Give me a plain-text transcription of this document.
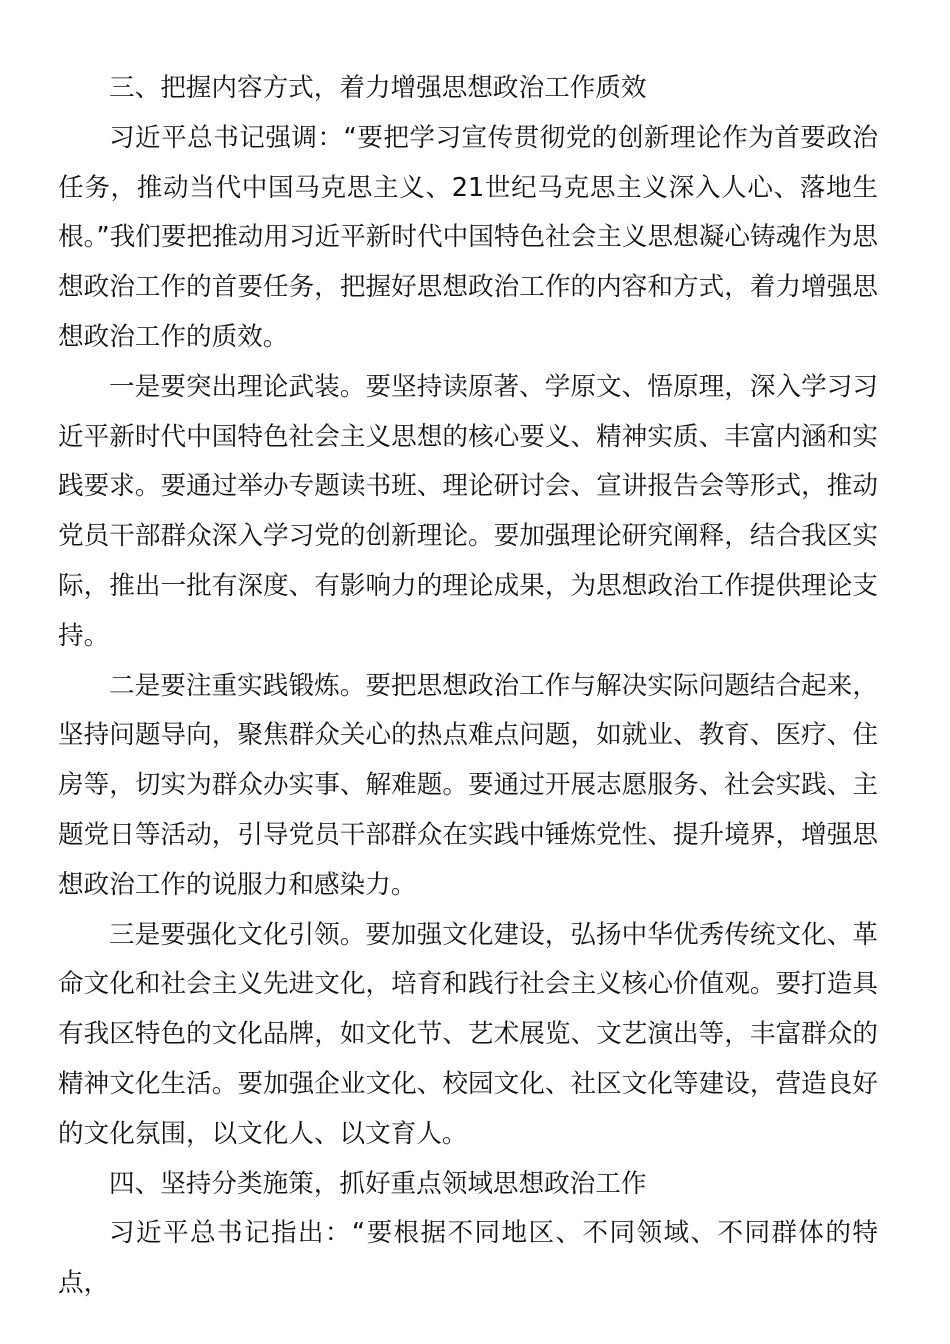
三、把握内容方式，着力增强思想政治工作质效

习近平总书记强调：“要把学习宣传贯彻党的创新理论作为首要政治任务，推动当代中国马克思主义、21世纪马克思主义深入人心、落地生根。”我们要把推动用习近平新时代中国特色社会主义思想凝心铸魂作为思想政治工作的首要任务，把握好思想政治工作的内容和方式，着力增强思想政治工作的质效。

一是要突出理论武装。要坚持读原著、学原文、悟原理，深入学习习近平新时代中国特色社会主义思想的核心要义、精神实质、丰富内涵和实践要求。要通过举办专题读书班、理论研讨会、宣讲报告会等形式，推动党员干部群众深入学习党的创新理论。要加强理论研究阐释，结合我区实际，推出一批有深度、有影响力的理论成果，为思想政治工作提供理论支持。

二是要注重实践锻炼。要把思想政治工作与解决实际问题结合起来，坚持问题导向，聚焦群众关心的热点难点问题，如就业、教育、医疗、住房等，切实为群众办实事、解难题。要通过开展志愿服务、社会实践、主题党日等活动，引导党员干部群众在实践中锤炼党性、提升境界，增强思想政治工作的说服力和感染力。

三是要强化文化引领。要加强文化建设，弘扬中华优秀传统文化、革命文化和社会主义先进文化，培育和践行社会主义核心价值观。要打造具有我区特色的文化品牌，如文化节、艺术展览、文艺演出等，丰富群众的精神文化生活。要加强企业文化、校园文化、社区文化等建设，营造良好的文化氛围，以文化人、以文育人。

四、坚持分类施策，抓好重点领域思想政治工作

习近平总书记指出：“要根据不同地区、不同领域、不同群体的特点，
